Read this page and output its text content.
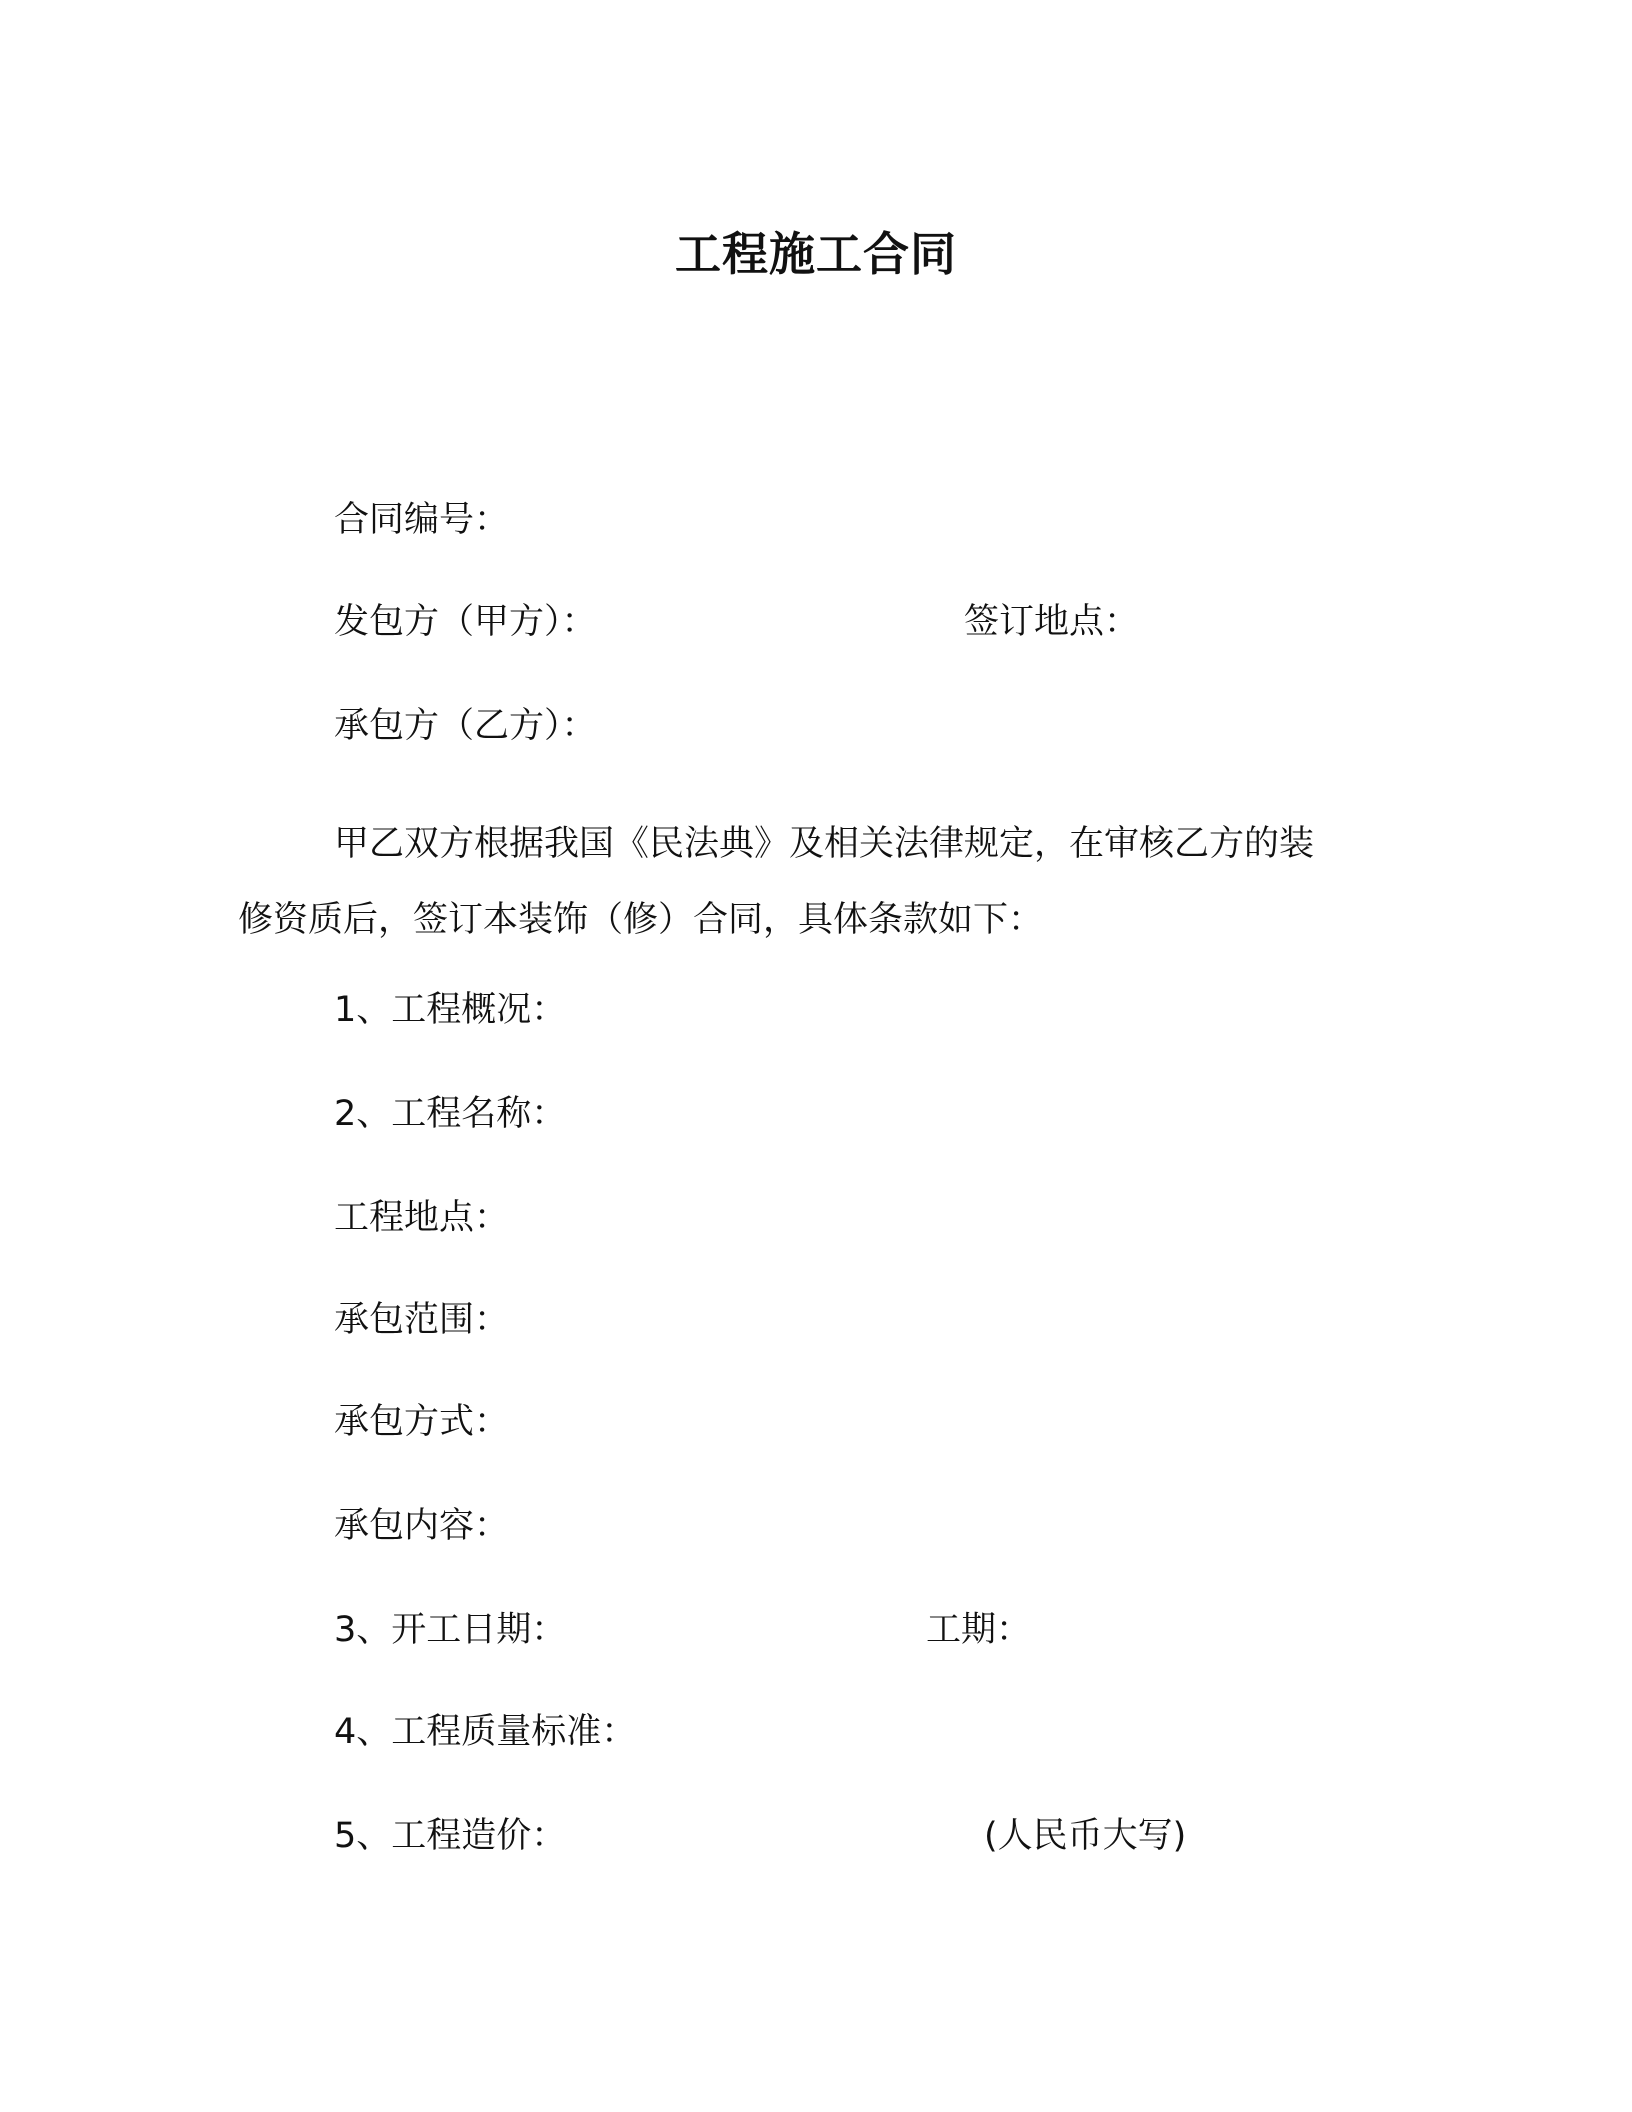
工程施工合同
合同编号：
发包方（甲方）：	签订地点：
承包方（乙方）：
甲乙双方根据我国《民法典》及相关法律规定，在审核乙方的装
修资质后，签订本装饰（修）合同，具体条款如下：
1、工程概况：
2、工程名称：
工程地点：
承包范围：
承包方式：
承包内容：
3、开工日期：	工期：
4、工程质量标准：
5、工程造价：	(人民币大写)
